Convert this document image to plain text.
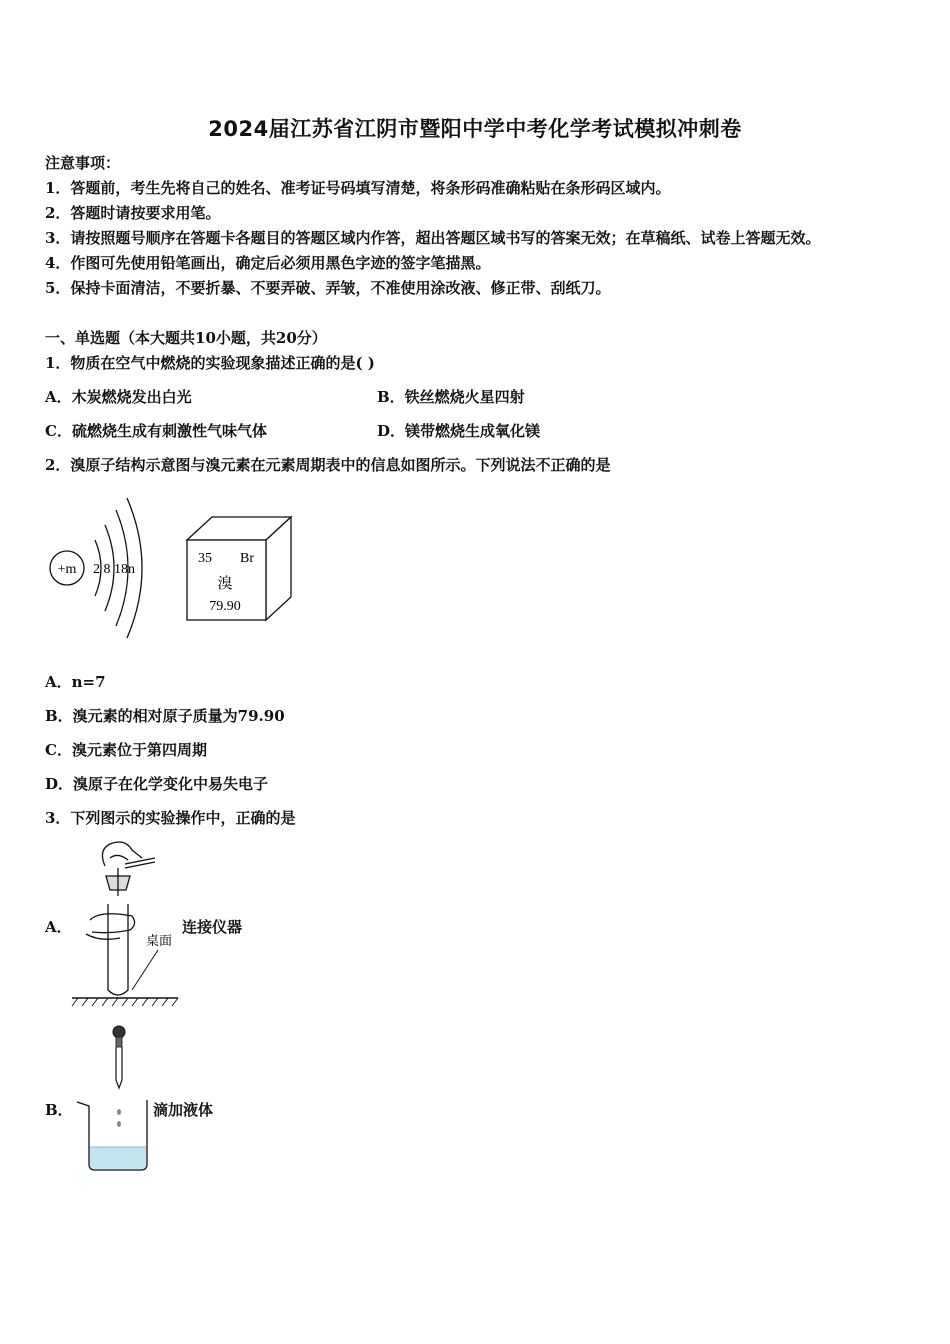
2024届江苏省江阴市暨阳中学中考化学考试模拟冲刺卷
注意事项：
1．答题前，考生先将自己的姓名、准考证号码填写清楚，将条形码准确粘贴在条形码区域内。
2．答题时请按要求用笔。
3．请按照题号顺序在答题卡各题目的答题区域内作答，超出答题区域书写的答案无效；在草稿纸、试卷上答题无效。
4．作图可先使用铅笔画出，确定后必须用黑色字迹的签字笔描黑。
5．保持卡面清洁，不要折暴、不要弄破、弄皱，不准使用涂改液、修正带、刮纸刀。
一、单选题（本大题共10小题，共20分）
1．物质在空气中燃烧的实验现象描述正确的是( )
A．木炭燃烧发出白光	B．铁丝燃烧火星四射
C．硫燃烧生成有刺激性气味气体	D．镁带燃烧生成氧化镁
2．溴原子结构示意图与溴元素在元素周期表中的信息如图所示。下列说法不正确的是
+m 2 8 18n
35 Br
溴
79.90
A．n=7
B．溴元素的相对原子质量为79.90
C．溴元素位于第四周期
D．溴原子在化学变化中易失电子
3．下列图示的实验操作中，正确的是
A．
桌面
连接仪器
B．	滴加液体
